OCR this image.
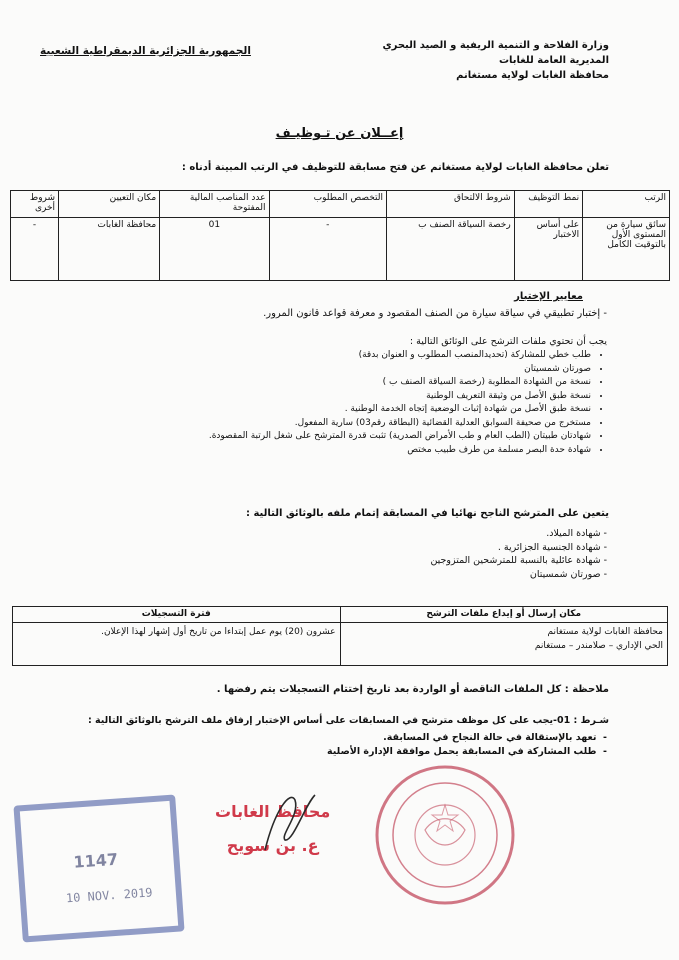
وزارة الفلاحة و التنمية الريفية و الصيد البحري
المديرية العامة للغابات
محافظة الغابات لولاية مستغانم
الجمهورية الجزائرية الديمقراطية الشعبية
إعــلان عن تـوظيـف
تعلن محافظة الغابات لولاية مستغانم عن فتح مسابقة للتوظيف في الرتب المبينة أدناه :
الرتب	نمط التوظيف	شروط الالتحاق	التخصص المطلوب	عدد المناصب المالية المفتوحة	مكان التعيين	شروط أخرى
سائق سيارة من المستوى الأول بالتوقيت الكامل	على أساس الاختبار	رخصة السياقة الصنف ب	-	01	محافظة الغابات	-
معايير الإختبار
- إختبار تطبيقي في سياقة سيارة من الصنف المقصود و معرفة قواعد قانون المرور.
يجب أن تحتوي ملفات الترشح على الوثائق التالية :
• طلب خطي للمشاركة (تحديدالمنصب المطلوب و العنوان بدقة)
• صورتان شمسيتان
• نسخة من الشهادة المطلوبة (رخصة السياقة الصنف ب )
• نسخة طبق الأصل من وثيقة التعريف الوطنية
• نسخة طبق الأصل من شهادة إثبات الوضعية إتجاه الخدمة الوطنية .
• مستخرج من صحيفة السوابق العدلية القضائية (البطاقة رقم03) سارية المفعول.
• شهادتان طبيتان (الطب العام و طب الأمراض الصدرية) تثبت قدرة المترشح على شغل الرتبة المقصودة.
• شهادة حدة البصر مسلمة من طرف طبيب مختص
يتعين على المترشح الناجح نهائيا في المسابقة إتمام ملفه بالوثائق التالية :
- شهادة الميلاد.
- شهادة الجنسية الجزائرية .
- شهادة عائلية بالنسبة للمترشحين المتزوجين
- صورتان شمسيتان
مكان إرسال أو إيداع ملفات الترشح	فترة التسجيلات

محافظة الغابات لولاية مستغانم
الحي الإداري – صلامندر – مستغانم	عشرون (20) يوم عمل إبتداءا من تاريخ أول إشهار لهذا الإعلان.
ملاحظة : كل الملفات الناقصة أو الواردة بعد تاريخ إختتام التسجيلات يتم رفضها .
شـرط : 01-يجب على كل موظف مترشح في المسابقات على أساس الإختبار إرفاق ملف الترشح بالوثائق التالية :
-  تعهد بالإستقالة في حالة النجاح في المسابقة.
-  طلب المشاركة في المسابقة يحمل موافقة الإدارة الأصلية
1147
10 NOV. 2019
محافظ الغابات
ع. بن سويح
